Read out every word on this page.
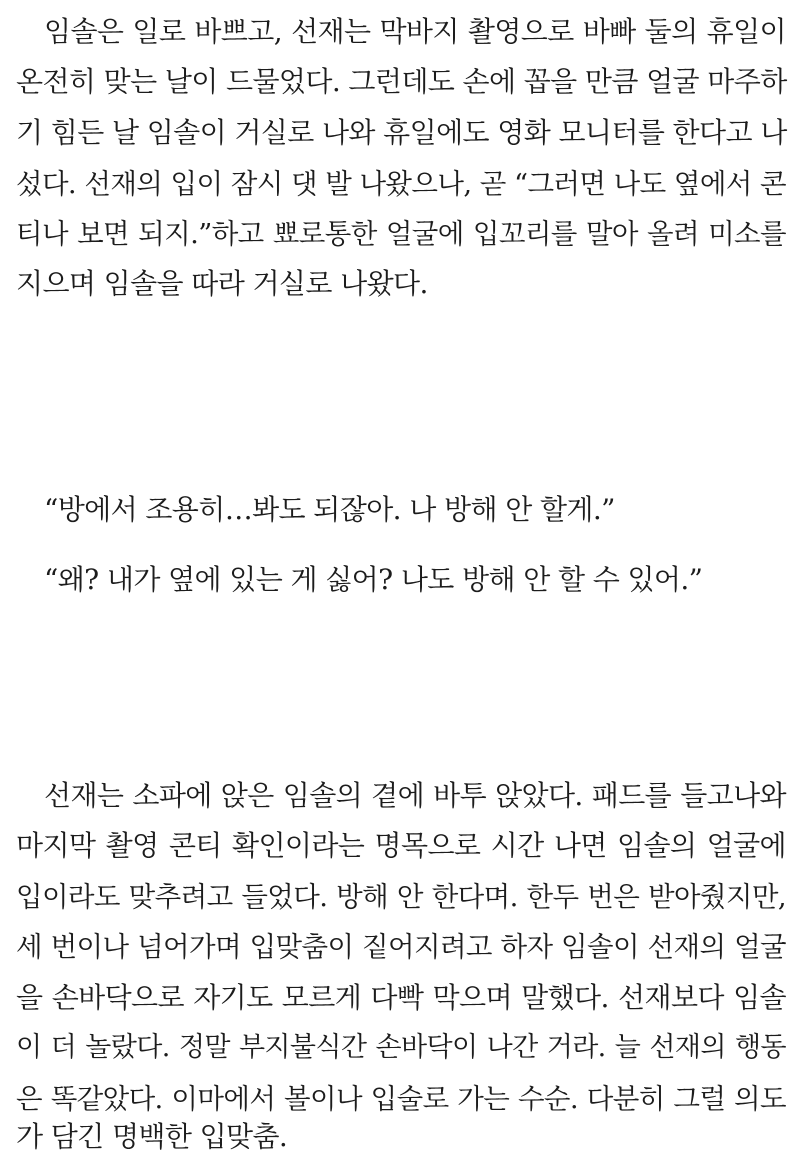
임솔은 일로 바쁘고, 선재는 막바지 촬영으로 바빠 둘의 휴일이
온전히 맞는 날이 드물었다. 그런데도 손에 꼽을 만큼 얼굴 마주하
기 힘든 날 임솔이 거실로 나와 휴일에도 영화 모니터를 한다고 나
섰다. 선재의 입이 잠시 댓 발 나왔으나, 곧 “그러면 나도 옆에서 콘
티나 보면 되지.”하고 뾰로통한 얼굴에 입꼬리를 말아 올려 미소를
지으며 임솔을 따라 거실로 나왔다.
“방에서 조용히…봐도 되잖아. 나 방해 안 할게.”
“왜? 내가 옆에 있는 게 싫어? 나도 방해 안 할 수 있어.”
선재는 소파에 앉은 임솔의 곁에 바투 앉았다. 패드를 들고나와
마지막 촬영 콘티 확인이라는 명목으로 시간 나면 임솔의 얼굴에
입이라도 맞추려고 들었다. 방해 안 한다며. 한두 번은 받아줬지만,
세 번이나 넘어가며 입맞춤이 짙어지려고 하자 임솔이 선재의 얼굴
을 손바닥으로 자기도 모르게 다빡 막으며 말했다. 선재보다 임솔
이 더 놀랐다. 정말 부지불식간 손바닥이 나간 거라. 늘 선재의 행동
은 똑같았다. 이마에서 볼이나 입술로 가는 수순. 다분히 그럴 의도
가 담긴 명백한 입맞춤.
